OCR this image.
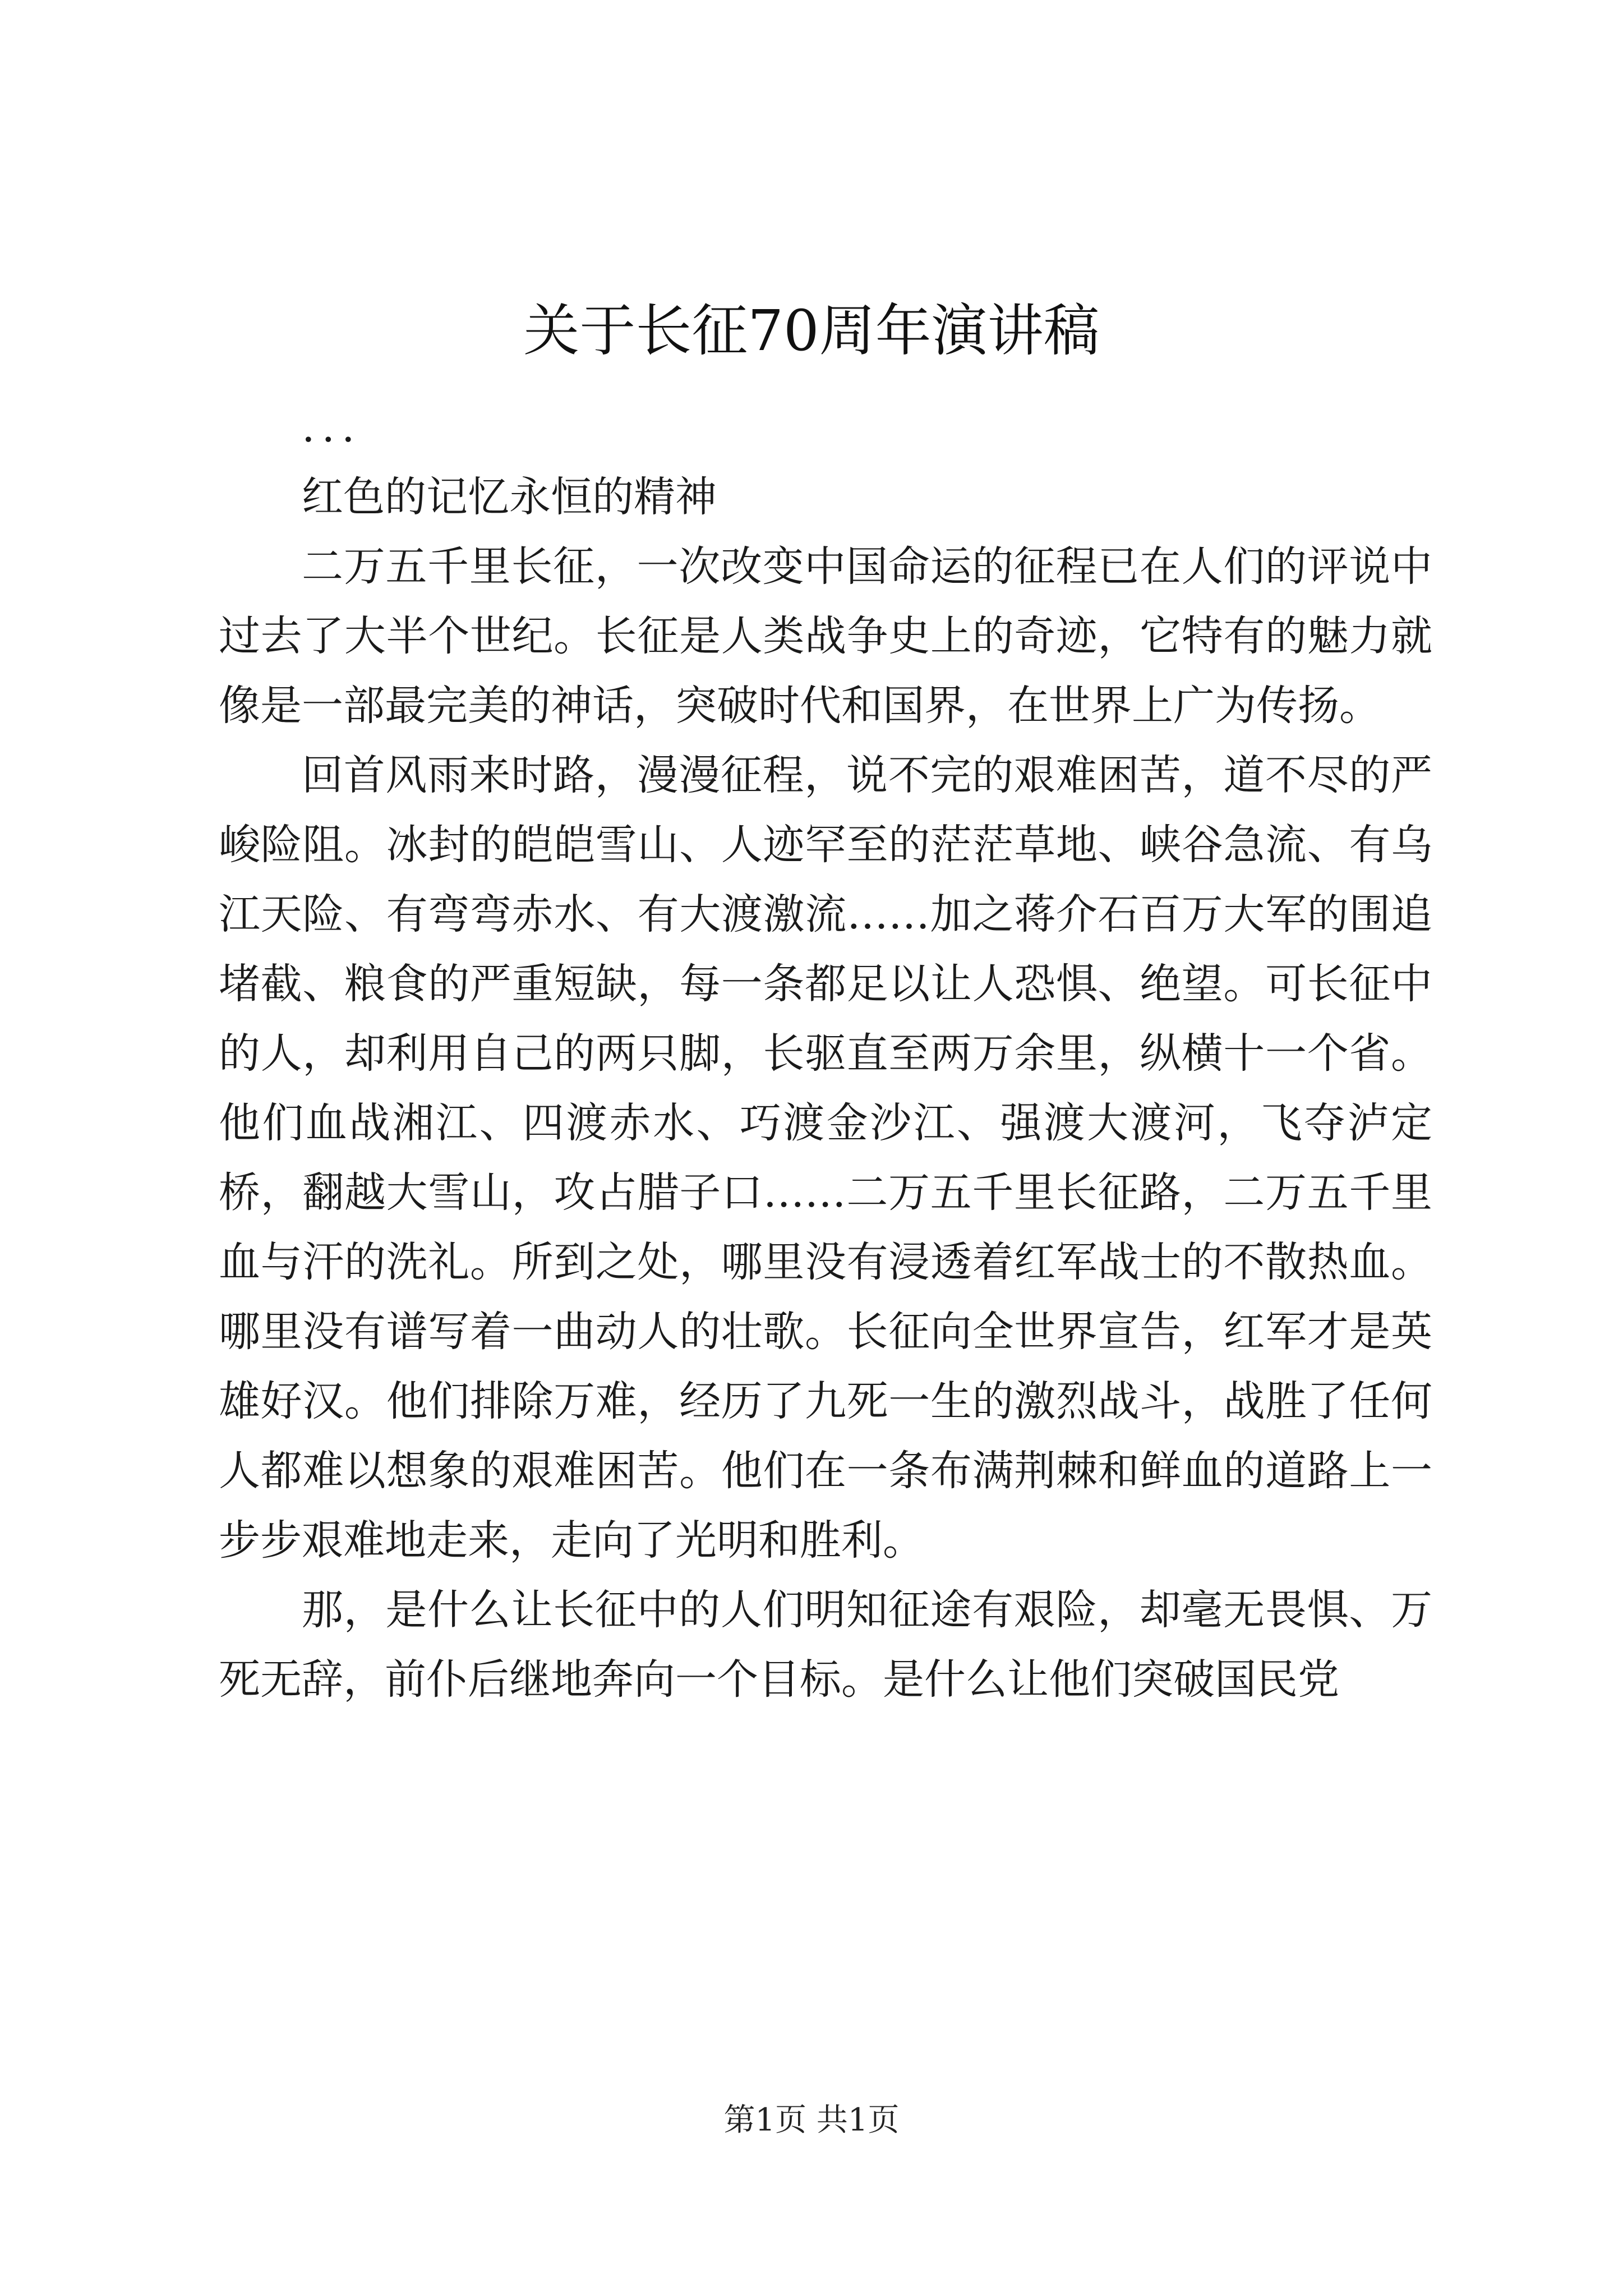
关于长征70周年演讲稿

...

红色的记忆永恒的精神

二万五千里长征，一次改变中国命运的征程已在人们的评说中过去了大半个世纪。长征是人类战争史上的奇迹，它特有的魅力就像是一部最完美的神话，突破时代和国界，在世界上广为传扬。

回首风雨来时路，漫漫征程，说不完的艰难困苦，道不尽的严峻险阻。冰封的皑皑雪山、人迹罕至的茫茫草地、峡谷急流、有乌江天险、有弯弯赤水、有大渡激流……加之蒋介石百万大军的围追堵截、粮食的严重短缺，每一条都足以让人恐惧、绝望。可长征中的人，却利用自己的两只脚，长驱直至两万余里，纵横十一个省。他们血战湘江、四渡赤水、巧渡金沙江、强渡大渡河，飞夺泸定桥，翻越大雪山，攻占腊子口……二万五千里长征路，二万五千里血与汗的洗礼。所到之处，哪里没有浸透着红军战士的不散热血。哪里没有谱写着一曲动人的壮歌。长征向全世界宣告，红军才是英雄好汉。他们排除万难，经历了九死一生的激烈战斗，战胜了任何人都难以想象的艰难困苦。他们在一条布满荆棘和鲜血的道路上一步步艰难地走来，走向了光明和胜利。

那，是什么让长征中的人们明知征途有艰险，却毫无畏惧、万死无辞，前仆后继地奔向一个目标。是什么让他们突破国民党

第1页 共1页
